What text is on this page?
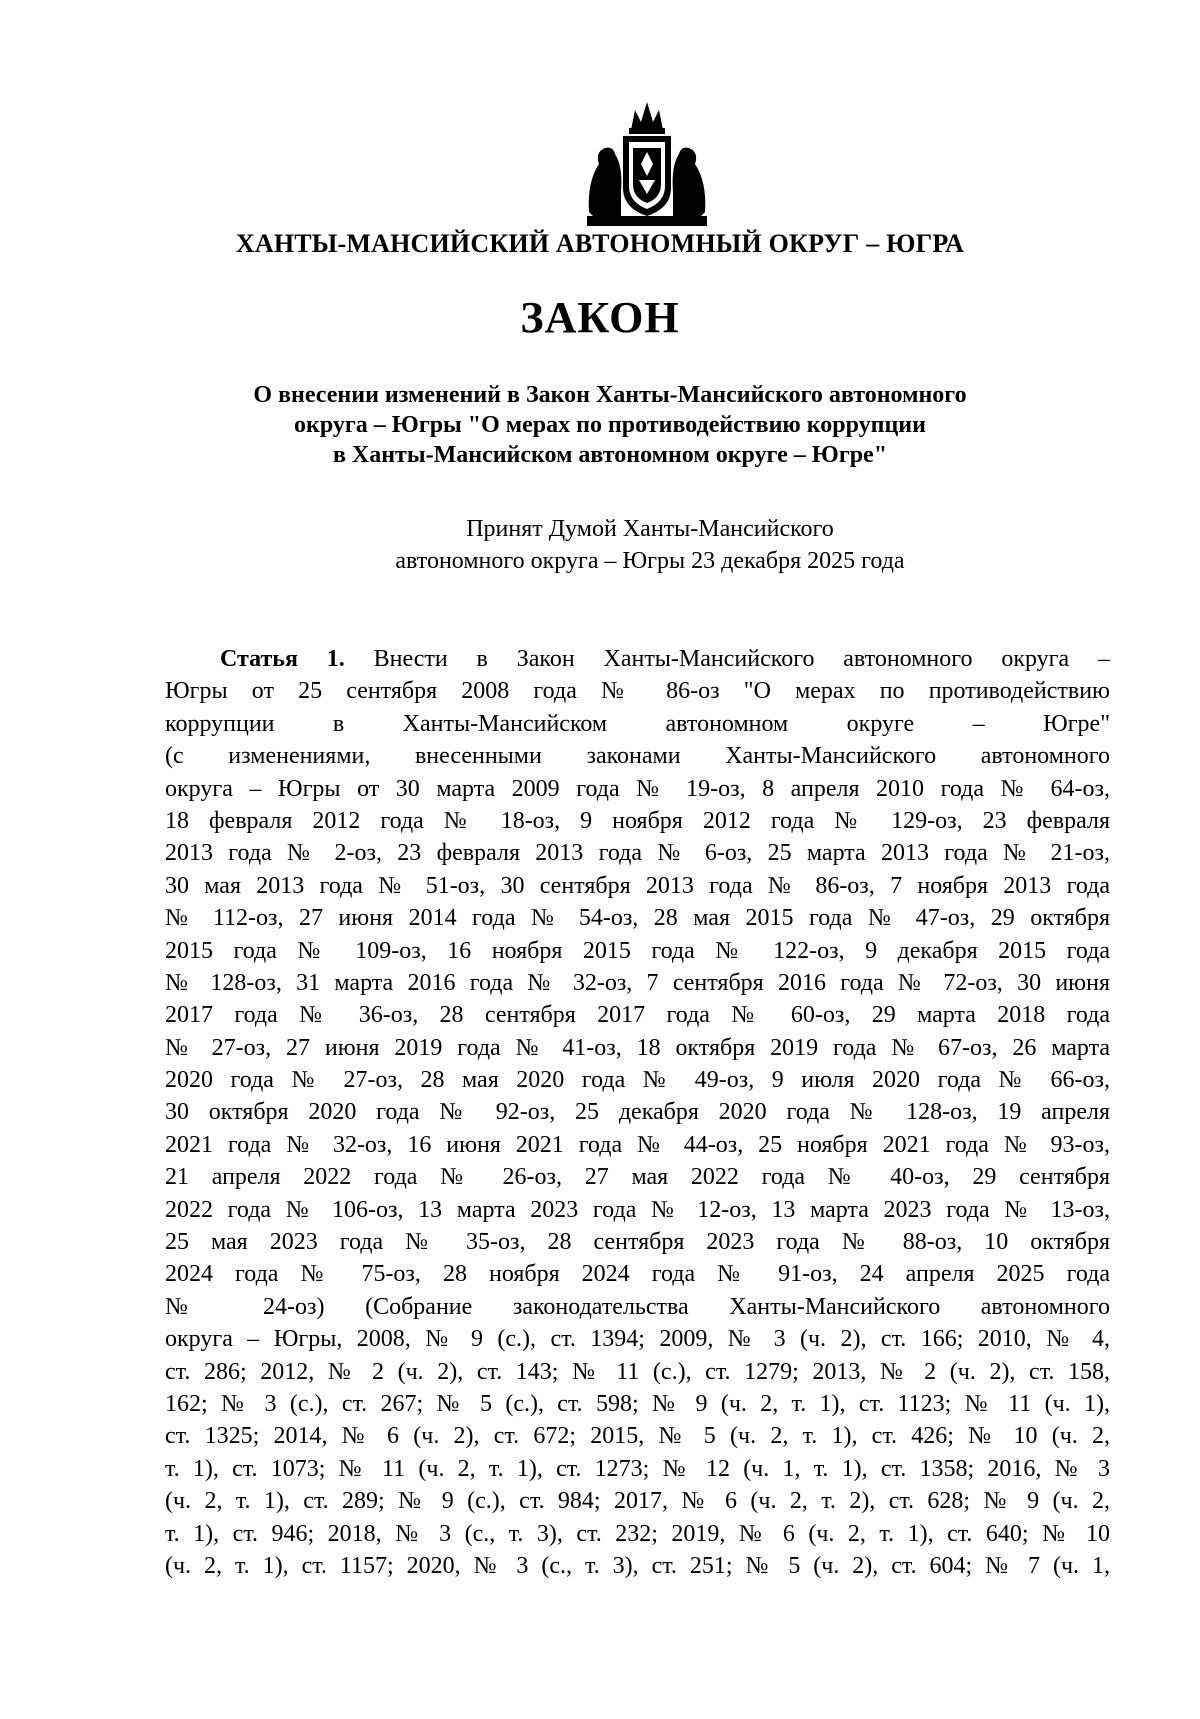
ХАНТЫ-МАНСИЙСКИЙ АВТОНОМНЫЙ ОКРУГ – ЮГРА
ЗАКОН
О внесении изменений в Закон Ханты-Мансийского автономного
округа – Югры "О мерах по противодействию коррупции
в Ханты-Мансийском автономном округе – Югре"
Принят Думой Ханты-Мансийского
автономного округа – Югры 23 декабря 2025 года
Статья 1. Внести в Закон Ханты-Мансийского автономного округа –
Югры от 25 сентября 2008 года № 86-оз "О мерах по противодействию
коррупции в Ханты-Мансийском автономном округе – Югре"
(с изменениями, внесенными законами Ханты-Мансийского автономного
округа – Югры от 30 марта 2009 года № 19-оз, 8 апреля 2010 года № 64-оз,
18 февраля 2012 года № 18-оз, 9 ноября 2012 года № 129-оз, 23 февраля
2013 года № 2-оз, 23 февраля 2013 года № 6-оз, 25 марта 2013 года № 21-оз,
30 мая 2013 года № 51-оз, 30 сентября 2013 года № 86-оз, 7 ноября 2013 года
№ 112-оз, 27 июня 2014 года № 54-оз, 28 мая 2015 года № 47-оз, 29 октября
2015 года № 109-оз, 16 ноября 2015 года № 122-оз, 9 декабря 2015 года
№ 128-оз, 31 марта 2016 года № 32-оз, 7 сентября 2016 года № 72-оз, 30 июня
2017 года № 36-оз, 28 сентября 2017 года № 60-оз, 29 марта 2018 года
№ 27-оз, 27 июня 2019 года № 41-оз, 18 октября 2019 года № 67-оз, 26 марта
2020 года № 27-оз, 28 мая 2020 года № 49-оз, 9 июля 2020 года № 66-оз,
30 октября 2020 года № 92-оз, 25 декабря 2020 года № 128-оз, 19 апреля
2021 года № 32-оз, 16 июня 2021 года № 44-оз, 25 ноября 2021 года № 93-оз,
21 апреля 2022 года № 26-оз, 27 мая 2022 года № 40-оз, 29 сентября
2022 года № 106-оз, 13 марта 2023 года № 12-оз, 13 марта 2023 года № 13-оз,
25 мая 2023 года № 35-оз, 28 сентября 2023 года № 88-оз, 10 октября
2024 года № 75-оз, 28 ноября 2024 года № 91-оз, 24 апреля 2025 года
№ 24-оз) (Собрание законодательства Ханты-Мансийского автономного
округа – Югры, 2008, № 9 (с.), ст. 1394; 2009, № 3 (ч. 2), ст. 166; 2010, № 4,
ст. 286; 2012, № 2 (ч. 2), ст. 143; № 11 (с.), ст. 1279; 2013, № 2 (ч. 2), ст. 158,
162; № 3 (с.), ст. 267; № 5 (с.), ст. 598; № 9 (ч. 2, т. 1), ст. 1123; № 11 (ч. 1),
ст. 1325; 2014, № 6 (ч. 2), ст. 672; 2015, № 5 (ч. 2, т. 1), ст. 426; № 10 (ч. 2,
т. 1), ст. 1073; № 11 (ч. 2, т. 1), ст. 1273; № 12 (ч. 1, т. 1), ст. 1358; 2016, № 3
(ч. 2, т. 1), ст. 289; № 9 (с.), ст. 984; 2017, № 6 (ч. 2, т. 2), ст. 628; № 9 (ч. 2,
т. 1), ст. 946; 2018, № 3 (с., т. 3), ст. 232; 2019, № 6 (ч. 2, т. 1), ст. 640; № 10
(ч. 2, т. 1), ст. 1157; 2020, № 3 (с., т. 3), ст. 251; № 5 (ч. 2), ст. 604; № 7 (ч. 1,
